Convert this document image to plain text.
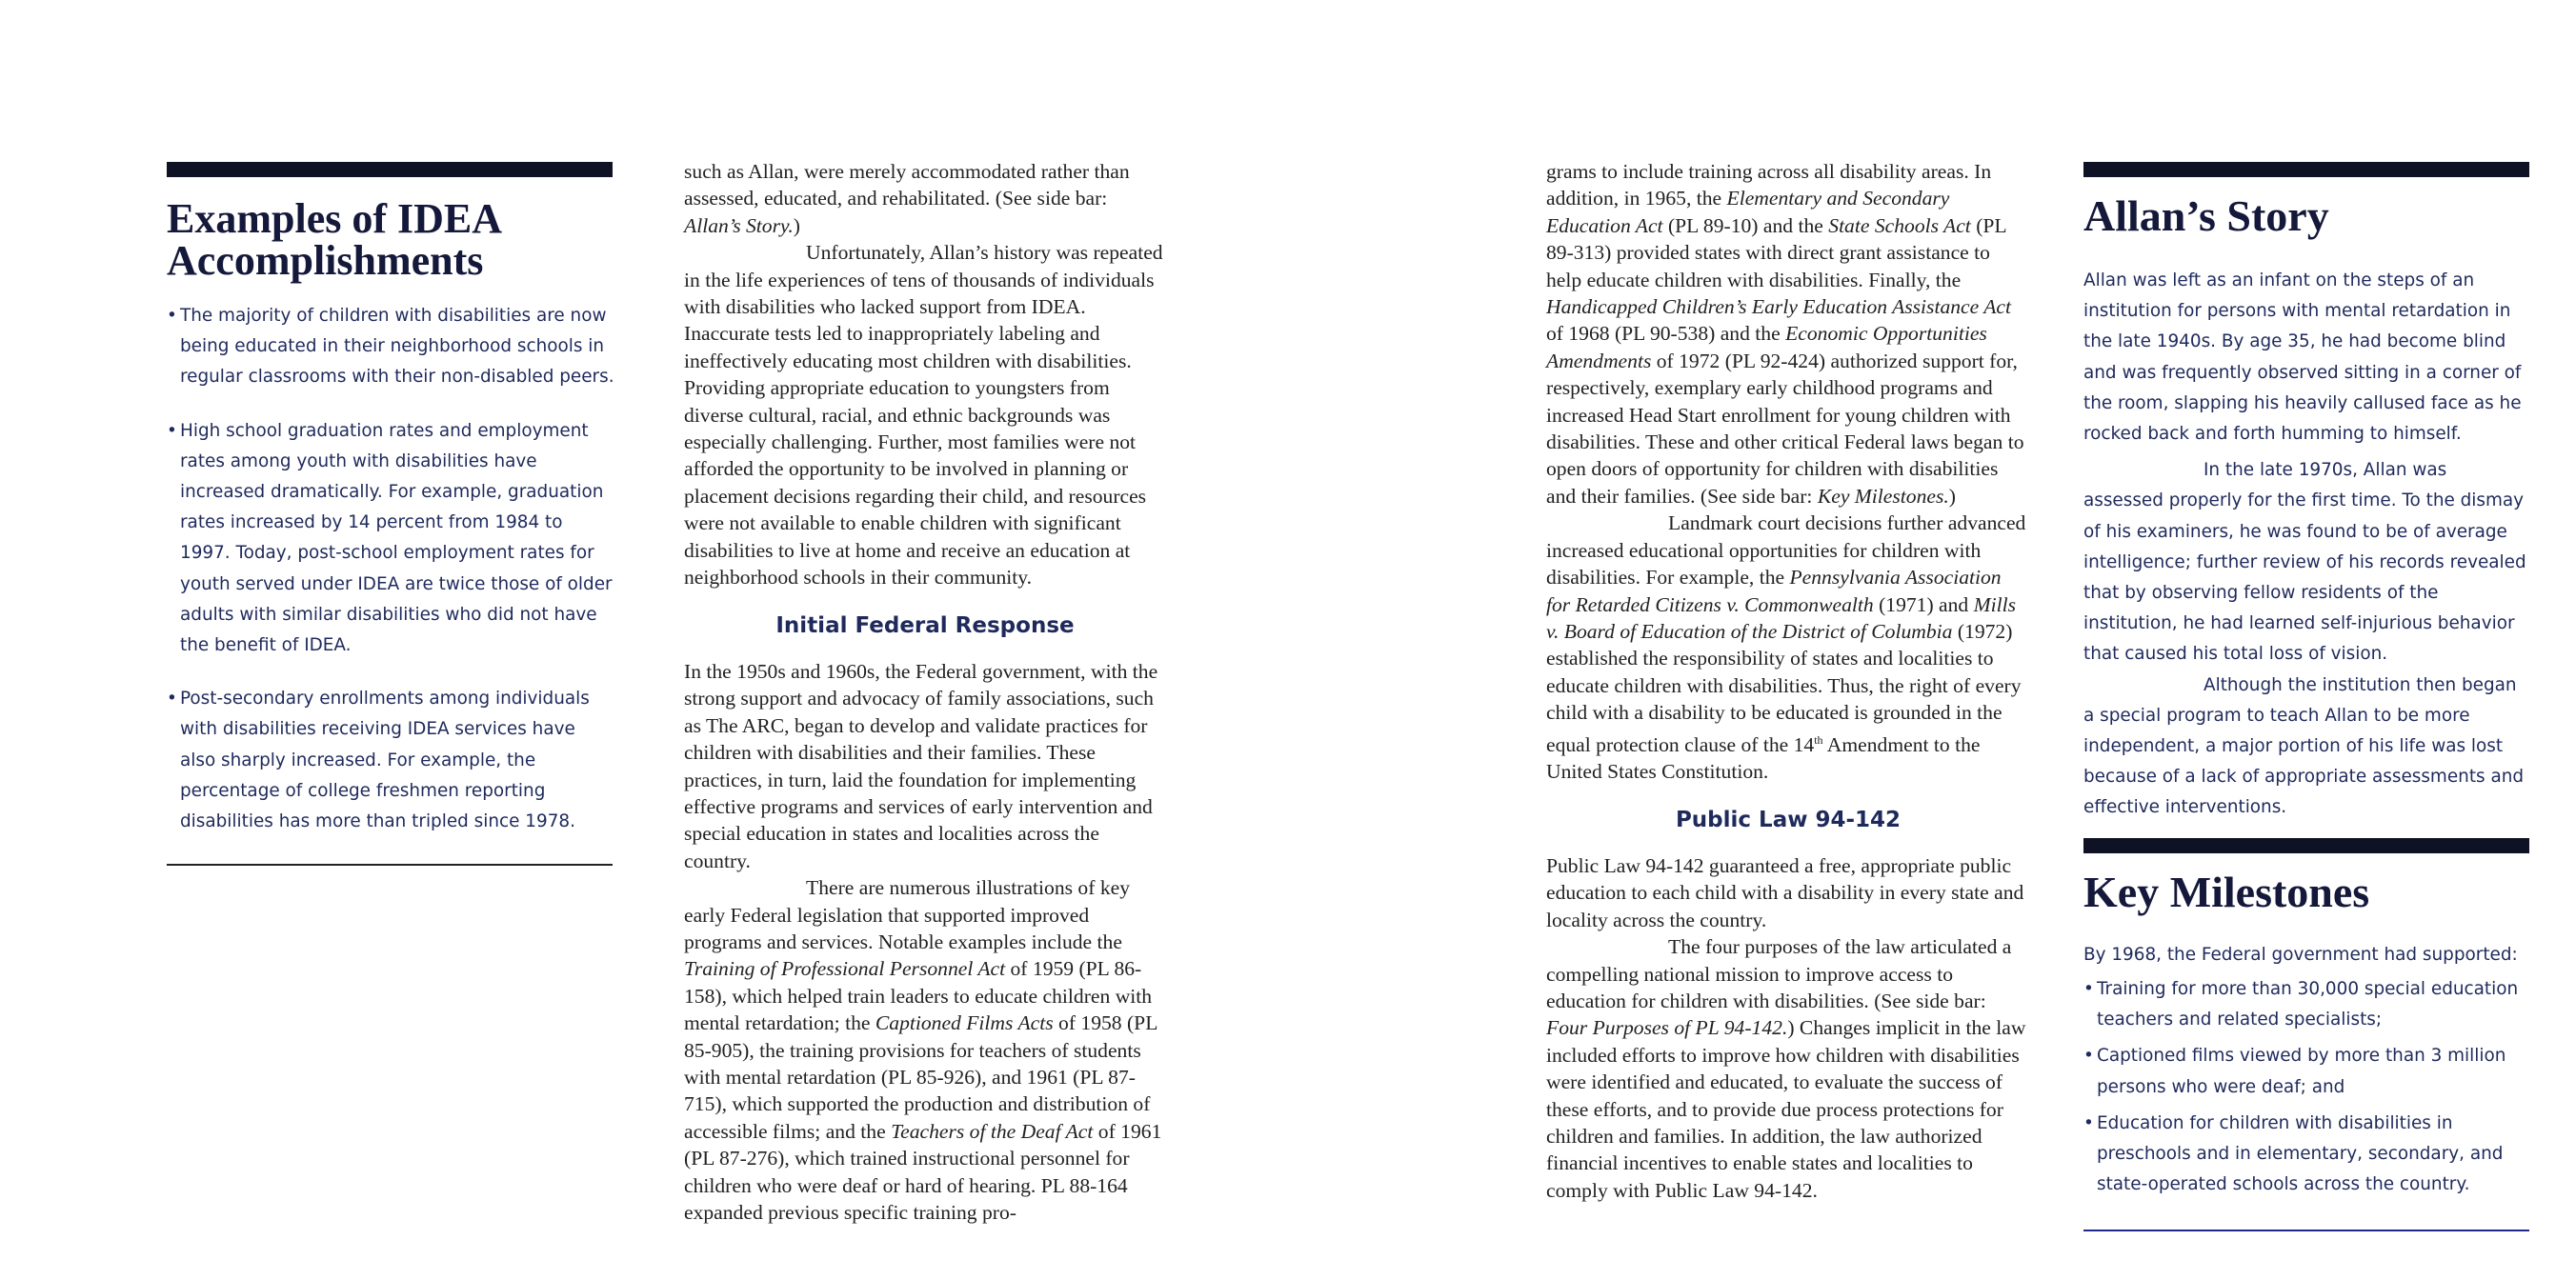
Examples of IDEA
Accomplishments
• The majority of children with disabilities are now being educated in their neighborhood schools in regular classrooms with their non-disabled peers.
• High school graduation rates and employment rates among youth with disabilities have increased dramatically. For example, graduation rates increased by 14 percent from 1984 to 1997. Today, post-school employment rates for youth served under IDEA are twice those of older adults with similar disabilities who did not have the benefit of IDEA.
• Post-secondary enrollments among individuals with disabilities receiving IDEA services have also sharply increased. For example, the percentage of college freshmen reporting disabilities has more than tripled since 1978.

such as Allan, were merely accommodated rather than assessed, educated, and rehabilitated. (See side bar: Allan’s Story.)

Unfortunately, Allan’s history was repeated in the life experiences of tens of thousands of individuals with disabilities who lacked support from IDEA. Inaccurate tests led to inappropriately labeling and ineffectively educating most children with disabilities. Providing appropriate education to youngsters from diverse cultural, racial, and ethnic backgrounds was especially challenging. Further, most families were not afforded the opportunity to be involved in planning or placement decisions regarding their child, and resources were not available to enable children with significant disabilities to live at home and receive an education at neighborhood schools in their community.

Initial Federal Response

In the 1950s and 1960s, the Federal government, with the strong support and advocacy of family associations, such as The ARC, began to develop and validate practices for children with disabilities and their families. These practices, in turn, laid the foundation for implementing effective programs and services of early intervention and special education in states and localities across the country.

There are numerous illustrations of key early Federal legislation that supported improved programs and services. Notable examples include the Training of Professional Personnel Act of 1959 (PL 86-158), which helped train leaders to educate children with mental retardation; the Captioned Films Acts of 1958 (PL 85-905), the training provisions for teachers of students with mental retardation (PL 85-926), and 1961 (PL 87-715), which supported the production and distribution of accessible films; and the Teachers of the Deaf Act of 1961 (PL 87-276), which trained instructional personnel for children who were deaf or hard of hearing. PL 88-164 expanded previous specific training pro-

grams to include training across all disability areas. In addition, in 1965, the Elementary and Secondary Education Act (PL 89-10) and the State Schools Act (PL 89-313) provided states with direct grant assistance to help educate children with disabilities. Finally, the Handicapped Children’s Early Education Assistance Act of 1968 (PL 90-538) and the Economic Opportunities Amendments of 1972 (PL 92-424) authorized support for, respectively, exemplary early childhood programs and increased Head Start enrollment for young children with disabilities. These and other critical Federal laws began to open doors of opportunity for children with disabilities and their families. (See side bar: Key Milestones.)

Landmark court decisions further advanced increased educational opportunities for children with disabilities. For example, the Pennsylvania Association for Retarded Citizens v. Commonwealth (1971) and Mills v. Board of Education of the District of Columbia (1972) established the responsibility of states and localities to educate children with disabilities. Thus, the right of every child with a disability to be educated is grounded in the equal protection clause of the 14th Amendment to the United States Constitution.

Public Law 94-142

Public Law 94-142 guaranteed a free, appropriate public education to each child with a disability in every state and locality across the country.

The four purposes of the law articulated a compelling national mission to improve access to education for children with disabilities. (See side bar: Four Purposes of PL 94-142.) Changes implicit in the law included efforts to improve how children with disabilities were identified and educated, to evaluate the success of these efforts, and to provide due process protections for children and families. In addition, the law authorized financial incentives to enable states and localities to comply with Public Law 94-142.

Allan’s Story

Allan was left as an infant on the steps of an institution for persons with mental retardation in the late 1940s. By age 35, he had become blind and was frequently observed sitting in a corner of the room, slapping his heavily callused face as he rocked back and forth humming to himself.

In the late 1970s, Allan was assessed properly for the first time. To the dismay of his examiners, he was found to be of average intelligence; further review of his records revealed that by observing fellow residents of the institution, he had learned self-injurious behavior that caused his total loss of vision.

Although the institution then began a special program to teach Allan to be more independent, a major portion of his life was lost because of a lack of appropriate assessments and effective interventions.

Key Milestones
By 1968, the Federal government had supported:
• Training for more than 30,000 special education teachers and related specialists;
• Captioned films viewed by more than 3 million persons who were deaf; and
• Education for children with disabilities in preschools and in elementary, secondary, and state-operated schools across the country.
